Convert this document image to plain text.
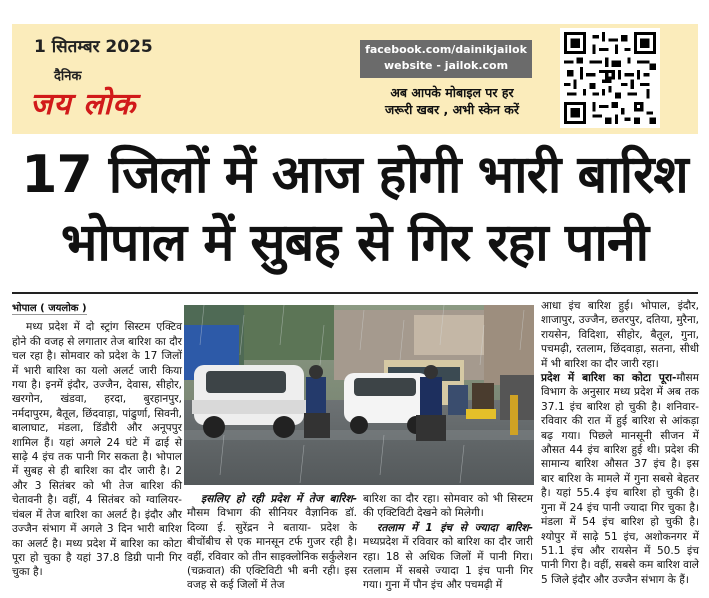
1 सितम्बर 2025
दैनिक
जय लोक
facebook.com/dainikjailok
website - jailok.com
अब आपके मोबाइल पर हर
जरूरी खबर , अभी स्केन करें
17 जिलों में आज होगी भारी बारिश
भोपाल में सुबह से गिर रहा पानी
भोपाल ( जयलोक )

मध्य प्रदेश में दो स्ट्रांग सिस्टम एक्टिव होने की वजह से लगातार तेज बारिश का दौर चल रहा है। सोमवार को प्रदेश के 17 जिलों में भारी बारिश का यलो अलर्ट जारी किया गया है। इनमें इंदौर, उज्जैन, देवास, सीहोर, खरगोन, खंडवा, हरदा, बुरहानपुर, नर्मदापुरम, बैतूल, छिंदवाड़ा, पांढुर्णा, सिवनी, बालाघाट, मंडला, डिंडौरी और अनूपपुर शामिल हैं। यहां अगले 24 घंटे में ढाई से साढ़े 4 इंच तक पानी गिर सकता है। भोपाल में सुबह से ही बारिश का दौर जारी है। 2 और 3 सितंबर को भी तेज बारिश की चेतावनी है। वहीं, 4 सितंबर को ग्वालियर-चंबल में तेज बारिश का अलर्ट है। इंदौर और उज्जैन संभाग में अगले 3 दिन भारी बारिश का अलर्ट है। मध्य प्रदेश में बारिश का कोटा पूरा हो चुका है यहां 37.8 डिग्री पानी गिर चुका है।

इसलिए हो रही प्रदेश में तेज बारिश-मौसम विभाग की सीनियर वैज्ञानिक डॉ. दिव्या ई. सुरेंद्रन ने बताया- प्रदेश के बीचोंबीच से एक मानसून टर्फ गुजर रही है। वहीं, रविवार को तीन साइक्लोनिक सर्कुलेशन (चक्रवात) की एक्टिविटी भी बनी रही। इस वजह से कई जिलों में तेज

बारिश का दौर रहा। सोमवार को भी सिस्टम की एक्टिविटी देखने को मिलेगी।

रतलाम में 1 इंच से ज्यादा बारिश-मध्यप्रदेश में रविवार को बारिश का दौर जारी रहा। 18 से अधिक जिलों में पानी गिरा। रतलाम में सबसे ज्यादा 1 इंच पानी गिर गया। गुना में पौन इंच और पचमढ़ी में

आधा इंच बारिश हुई। भोपाल, इंदौर, शाजापुर, उज्जैन, छतरपुर, दतिया, मुरैना, रायसेन, विदिशा, सीहोर, बैतूल, गुना, पचमढ़ी, रतलाम, छिंदवाड़ा, सतना, सीधी में भी बारिश का दौर जारी रहा।

प्रदेश में बारिश का कोटा पूरा-मौसम विभाग के अनुसार मध्य प्रदेश में अब तक 37.1 इंच बारिश हो चुकी है। शनिवार-रविवार की रात में हुई बारिश से आंकड़ा बढ़ गया। पिछले मानसूनी सीजन में औसत 44 इंच बारिश हुई थी। प्रदेश की सामान्य बारिश औसत 37 इंच है। इस बार बारिश के मामले में गुना सबसे बेहतर है। यहां 55.4 इंच बारिश हो चुकी है। गुना में 24 इंच पानी ज्यादा गिर चुका है। मंडला में 54 इंच बारिश हो चुकी है। श्योपुर में साढ़े 51 इंच, अशोकनगर में 51.1 इंच और रायसेन में 50.5 इंच पानी गिरा है। वहीं, सबसे कम बारिश वाले 5 जिले इंदौर और उज्जैन संभाग के हैं।
